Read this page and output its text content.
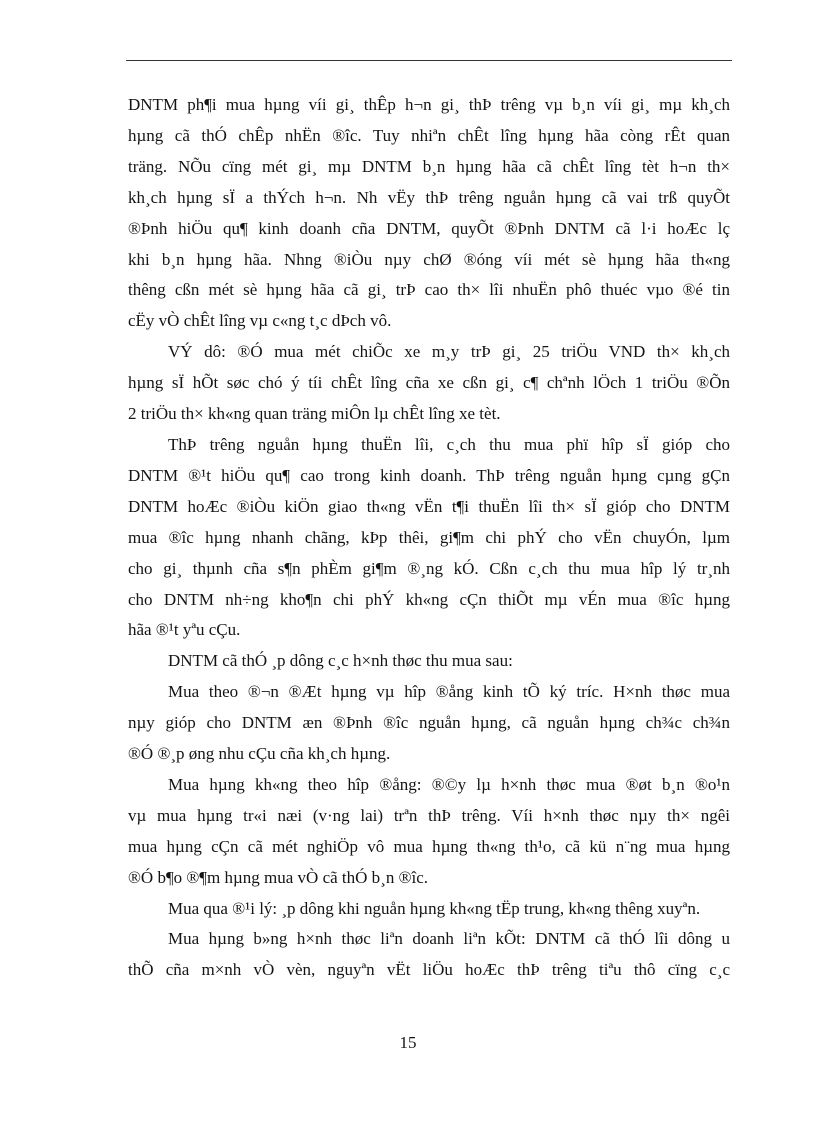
DNTM ph¶i mua hµng víi gi¸ thÊp h¬n gi¸ thÞ trêng vµ b¸n víi gi¸ mµ kh¸ch
hµng cã thÓ chÊp nhËn ®îc. Tuy nhiªn chÊt lîng hµng hãa còng rÊt quan
träng. NÕu cïng mét gi¸ mµ DNTM b¸n hµng hãa cã chÊt lîng tèt h¬n th×
kh¸ch hµng sÏ a thÝch h¬n. Nh vËy thÞ trêng nguån hµng cã vai trß quyÕt
®Þnh hiÖu qu¶ kinh doanh cña DNTM, quyÕt ®Þnh DNTM cã l·i hoÆc lç
khi b¸n hµng hãa. Nhng ®iÒu nµy chØ ®óng víi mét sè hµng hãa th«ng
thêng cßn mét sè hµng hãa cã gi¸ trÞ cao th× lîi nhuËn phô thuéc vµo ®é tin
cËy vÒ chÊt lîng vµ c«ng t¸c dÞch vô.
VÝ dô: ®Ó mua mét chiÕc xe m¸y trÞ gi¸ 25 triÖu VND th× kh¸ch
hµng sÏ hÕt søc chó ý tíi chÊt lîng cña xe cßn gi¸ c¶ chªnh lÖch 1 triÖu ®Õn
2 triÖu th× kh«ng quan träng miÔn lµ chÊt lîng xe tèt.
ThÞ trêng nguån hµng thuËn lîi, c¸ch thu mua phï hîp sÏ gióp cho
DNTM ®¹t hiÖu qu¶ cao trong kinh doanh. ThÞ trêng nguån hµng cµng gÇn
DNTM hoÆc ®iÒu kiÖn giao th«ng vËn t¶i thuËn lîi th× sÏ gióp cho DNTM
mua ®îc hµng nhanh chãng, kÞp thêi, gi¶m chi phÝ cho vËn chuyÓn, lµm
cho gi¸ thµnh cña s¶n phÈm gi¶m ®¸ng kÓ. Cßn c¸ch thu mua hîp lý tr¸nh
cho DNTM nh÷ng kho¶n chi phÝ kh«ng cÇn thiÕt mµ vÉn mua ®îc hµng
hãa ®¹t yªu cÇu.
DNTM cã thÓ ¸p dông c¸c h×nh thøc thu mua sau:
Mua theo ®¬n ®Æt hµng vµ hîp ®ång kinh tÕ ký tríc. H×nh thøc mua
nµy gióp cho DNTM æn ®Þnh ®îc nguån hµng, cã nguån hµng ch¾c ch¾n
®Ó ®¸p øng nhu cÇu cña kh¸ch hµng.
Mua hµng kh«ng theo hîp ®ång: ®©y lµ h×nh thøc mua ®øt b¸n ®o¹n
vµ mua hµng tr«i næi (v·ng lai) trªn thÞ trêng. Víi h×nh thøc nµy th× ngêi
mua hµng cÇn cã mét nghiÖp vô mua hµng th«ng th¹o, cã kü n¨ng mua hµng
®Ó b¶o ®¶m hµng mua vÒ cã thÓ b¸n ®îc.
Mua qua ®¹i lý: ¸p dông khi nguån hµng kh«ng tËp trung, kh«ng thêng xuyªn.
Mua hµng b»ng h×nh thøc liªn doanh liªn kÕt: DNTM cã thÓ lîi dông u
thÕ cña m×nh vÒ vèn, nguyªn vËt liÖu hoÆc thÞ trêng tiªu thô cïng c¸c
15
